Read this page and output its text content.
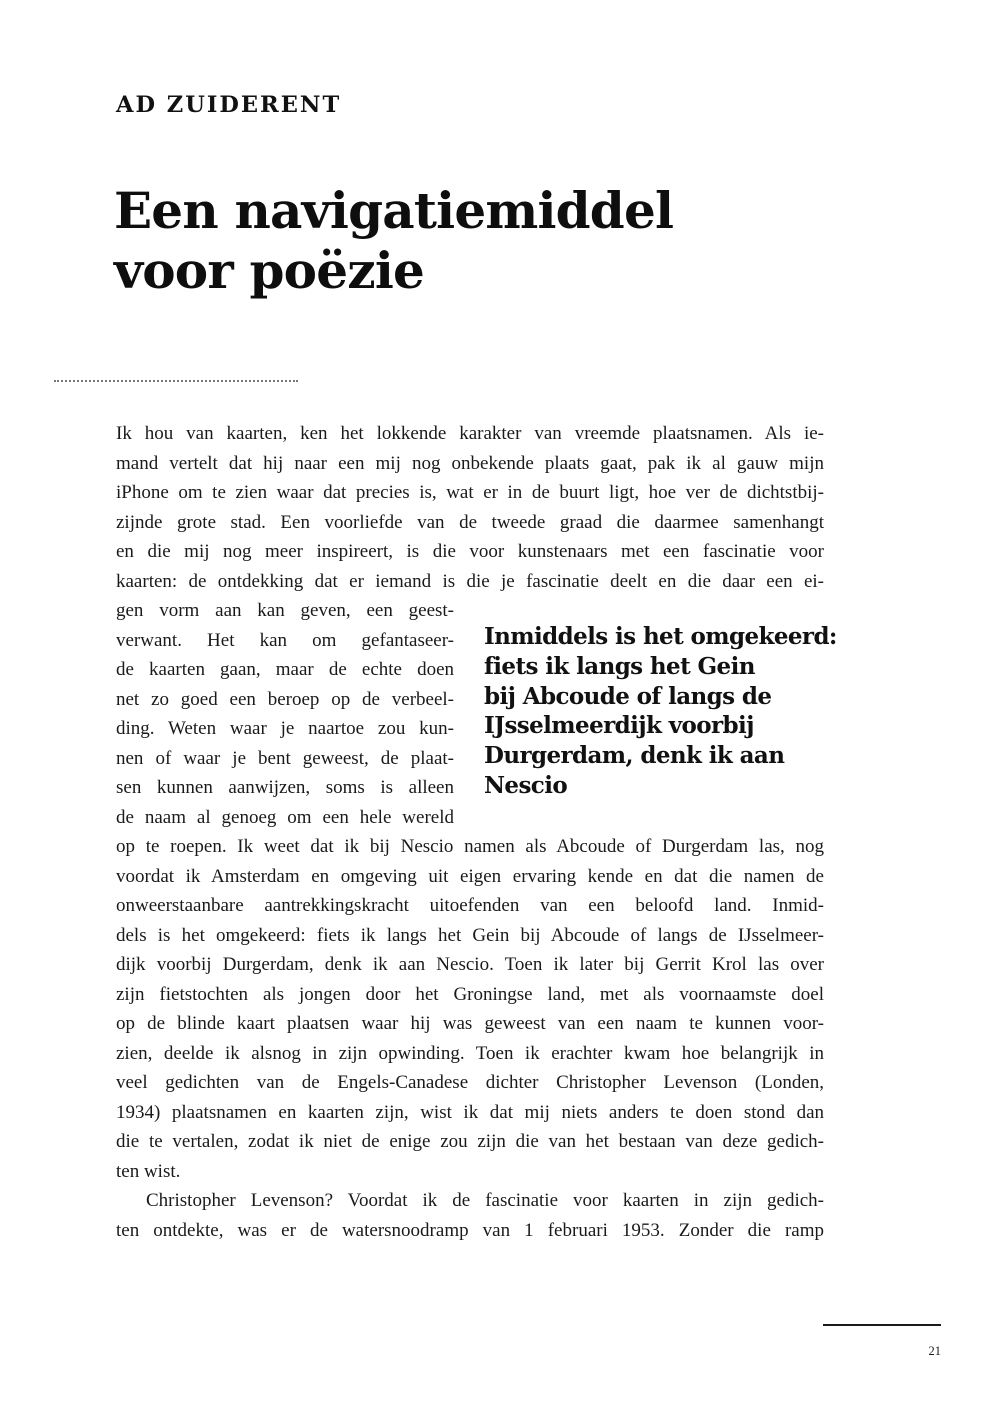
AD ZUIDERENT
Een navigatiemiddel
voor poëzie
Ik hou van kaarten, ken het lokkende karakter van vreemde plaatsnamen. Als ie-
mand vertelt dat hij naar een mij nog onbekende plaats gaat, pak ik al gauw mijn
iPhone om te zien waar dat precies is, wat er in de buurt ligt, hoe ver de dichtstbij-
zijnde grote stad. Een voorliefde van de tweede graad die daarmee samenhangt
en die mij nog meer inspireert, is die voor kunstenaars met een fascinatie voor
kaarten: de ontdekking dat er iemand is die je fascinatie deelt en die daar een ei-
gen vorm aan kan geven, een geest-
verwant. Het kan om gefantaseer-
de kaarten gaan, maar de echte doen
net zo goed een beroep op de verbeel-
ding. Weten waar je naartoe zou kun-
nen of waar je bent geweest, de plaat-
sen kunnen aanwijzen, soms is alleen
de naam al genoeg om een hele wereld
op te roepen. Ik weet dat ik bij Nescio namen als Abcoude of Durgerdam las, nog
voordat ik Amsterdam en omgeving uit eigen ervaring kende en dat die namen de
onweerstaanbare aantrekkingskracht uitoefenden van een beloofd land. Inmid-
dels is het omgekeerd: fiets ik langs het Gein bij Abcoude of langs de IJsselmeer-
dijk voorbij Durgerdam, denk ik aan Nescio. Toen ik later bij Gerrit Krol las over
zijn fietstochten als jongen door het Groningse land, met als voornaamste doel
op de blinde kaart plaatsen waar hij was geweest van een naam te kunnen voor-
zien, deelde ik alsnog in zijn opwinding. Toen ik erachter kwam hoe belangrijk in
veel gedichten van de Engels-Canadese dichter Christopher Levenson (Londen,
1934) plaatsnamen en kaarten zijn, wist ik dat mij niets anders te doen stond dan
die te vertalen, zodat ik niet de enige zou zijn die van het bestaan van deze gedich-
ten wist.
Christopher Levenson? Voordat ik de fascinatie voor kaarten in zijn gedich-
ten ontdekte, was er de watersnoodramp van 1 februari 1953. Zonder die ramp
Inmiddels is het omgekeerd:
fiets ik langs het Gein
bij Abcoude of langs de
IJsselmeerdijk voorbij
Durgerdam, denk ik aan
Nescio
21
